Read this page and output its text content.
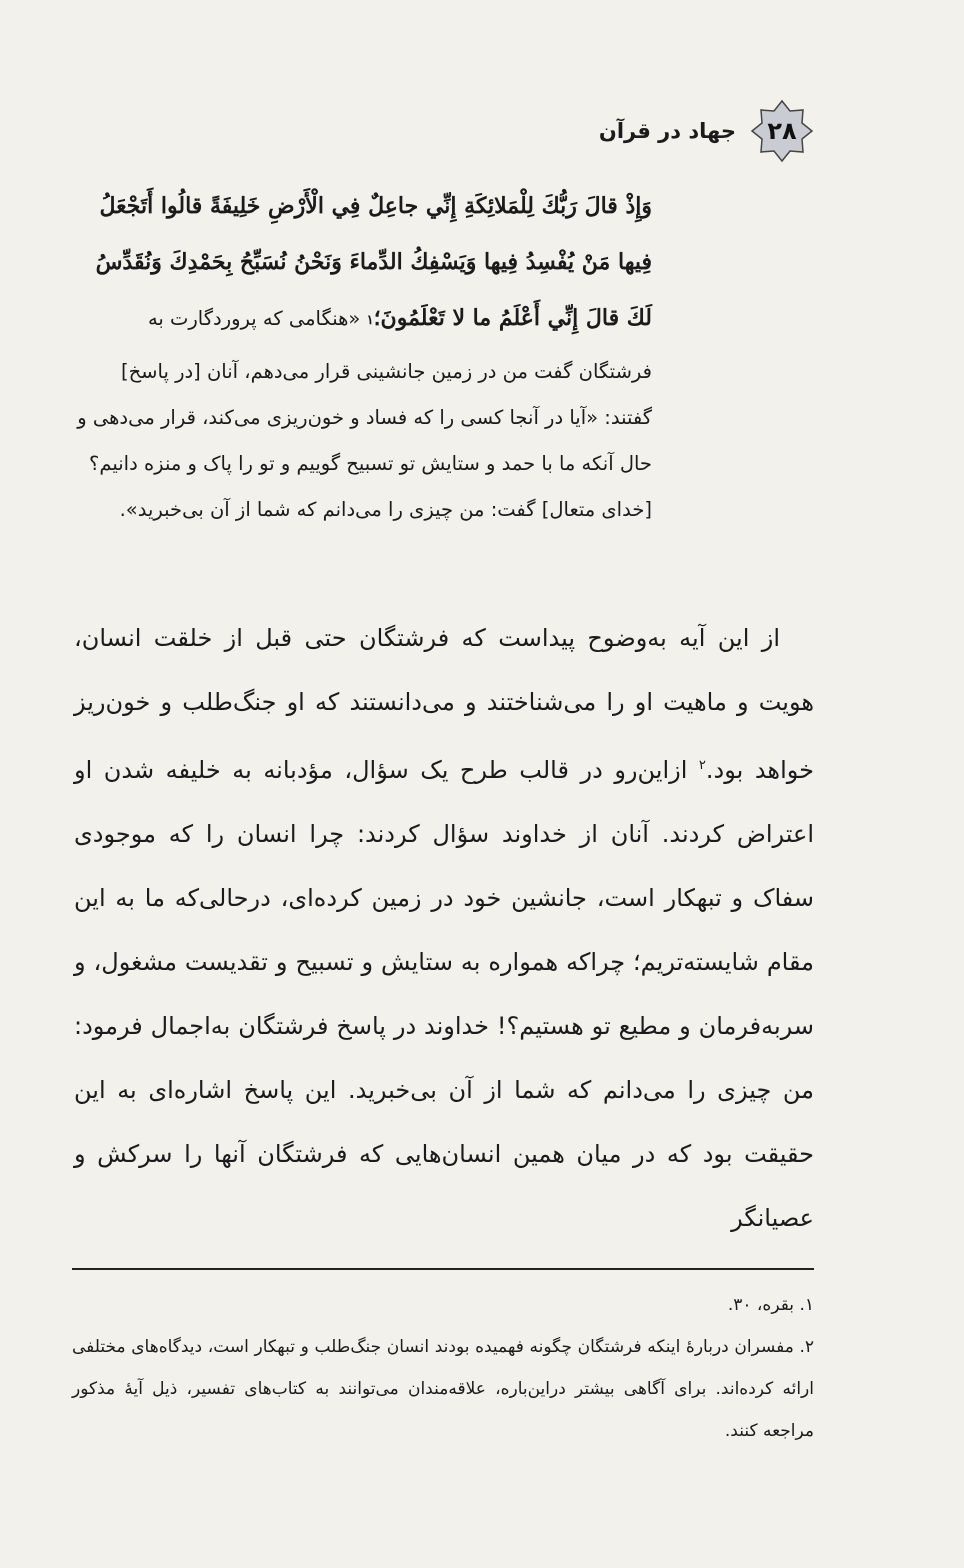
۲۸
جهاد در قرآن
وَإِذْ قالَ رَبُّكَ لِلْمَلائِكَةِ إِنِّي جاعِلٌ فِي الْأَرْضِ خَلِيفَةً قالُوا أَتَجْعَلُ فِيها مَنْ يُفْسِدُ فِيها وَيَسْفِكُ الدِّماءَ وَنَحْنُ نُسَبِّحُ بِحَمْدِكَ وَنُقَدِّسُ لَكَ قالَ إِنِّي أَعْلَمُ ما لا تَعْلَمُونَ؛$^۱$ «هنگامی که پروردگارت به فرشتگان گفت من در زمین جانشینی قرار می‌دهم، آنان [در پاسخ] گفتند: «آیا در آنجا کسی را که فساد و خون‌ریزی می‌کند، قرار می‌دهی و حال آنکه ما با حمد و ستایش تو تسبیح گوییم و تو را پاک و منزه دانیم؟ [خدای متعال] گفت: من چیزی را می‌دانم که شما از آن بی‌خبرید».

از این آیه به‌وضوح پیداست که فرشتگان حتی قبل از خلقت انسان، هویت و ماهیت او را می‌شناختند و می‌دانستند که او جنگ‌طلب و خون‌ریز خواهد بود.$^۲$ ازاین‌رو در قالب طرح یک سؤال، مؤدبانه به خلیفه شدن او اعتراض کردند. آنان از خداوند سؤال کردند: چرا انسان را که موجودی سفاک و تبهکار است، جانشین خود در زمین کرده‌ای، درحالی‌که ما به این مقام شایسته‌تریم؛ چراکه همواره به ستایش و تسبیح و تقدیست مشغول، و سربه‌فرمان و مطیع تو هستیم؟! خداوند در پاسخ فرشتگان به‌اجمال فرمود: من چیزی را می‌دانم که شما از آن بی‌خبرید. این پاسخ اشاره‌ای به این حقیقت بود که در میان همین انسان‌هایی که فرشتگان آنها را سرکش و عصیانگر

۱. بقره، ۳۰.

۲. مفسران دربارهٔ اینکه فرشتگان چگونه فهمیده بودند انسان جنگ‌طلب و تبهکار است، دیدگاه‌های مختلفی ارائه کرده‌اند. برای آگاهی بیشتر دراین‌باره، علاقه‌مندان می‌توانند به کتاب‌های تفسیر، ذیل آیهٔ مذکور مراجعه کنند.
